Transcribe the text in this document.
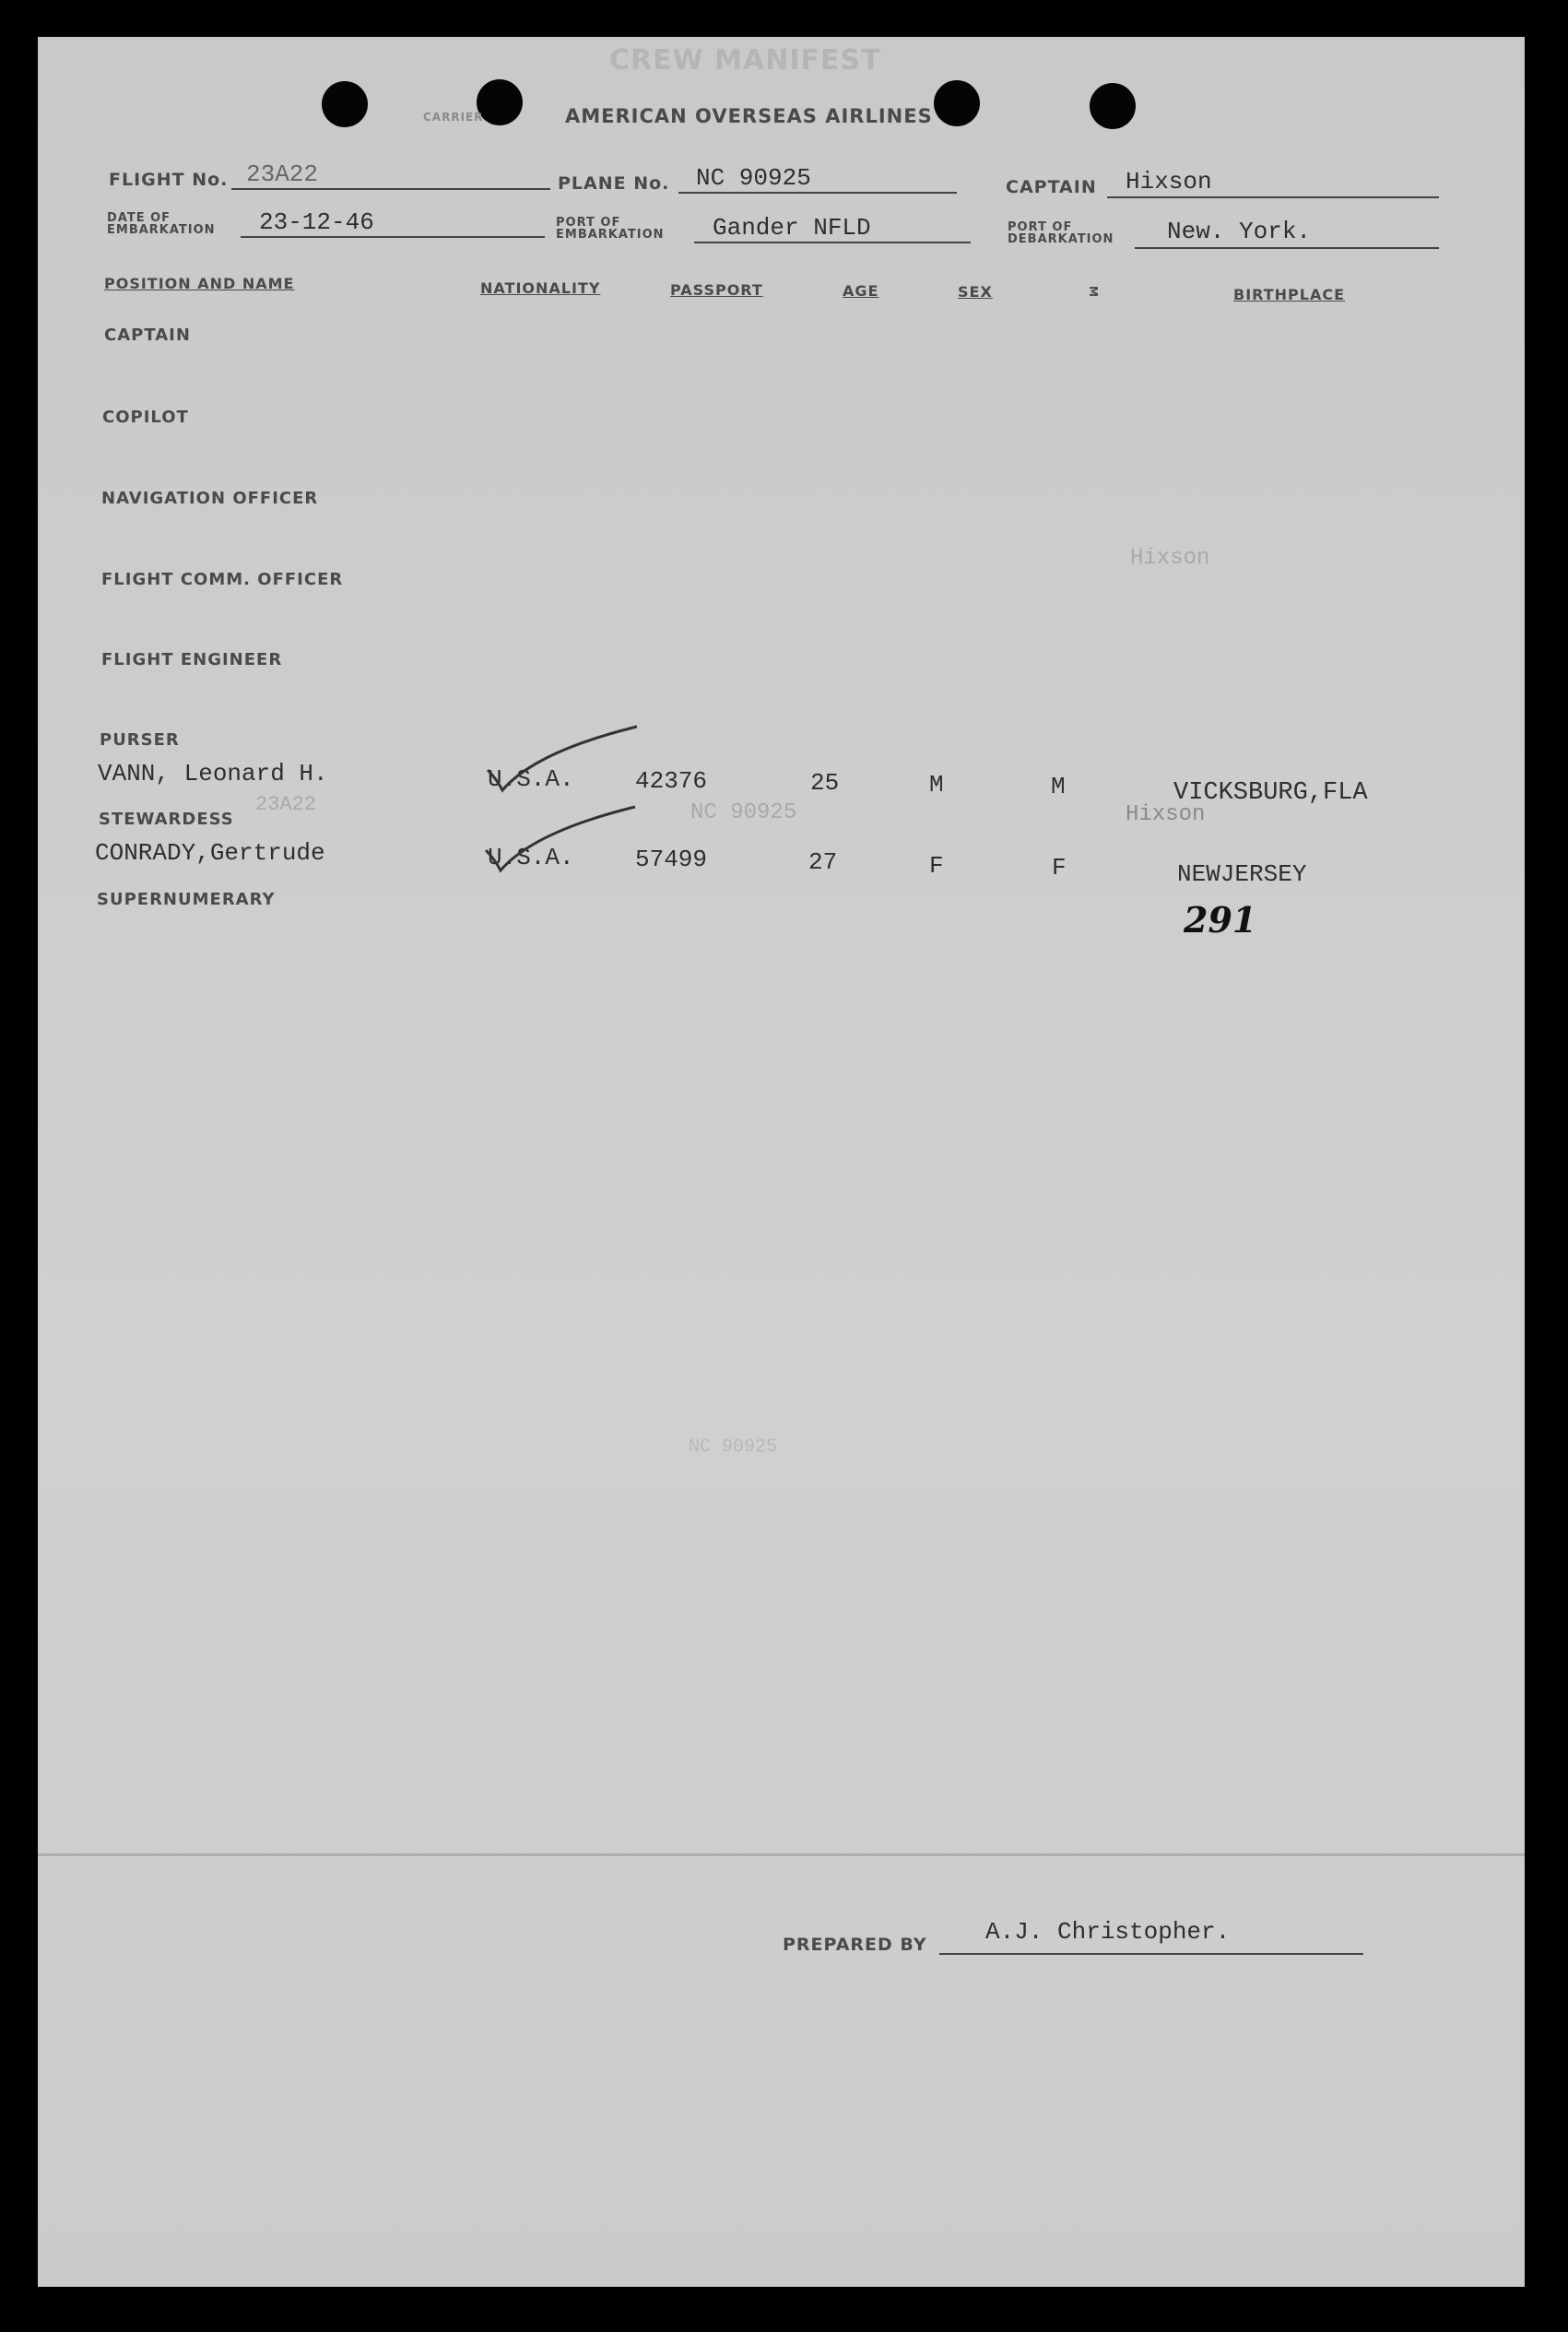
CREW MANIFEST
CARRIER	AMERICAN OVERSEAS AIRLINES
FLIGHT No. 23A22	PLANE No. NC 90925	CAPTAIN Hixson
DATE OF
EMBARKATION 23-12-46	PORT OF
EMBARKATION Gander NFLD	PORT OF
DEBARKATION New. York.
POSITION AND NAME	NATIONALITY	PASSPORT	AGE	SEX	M	BIRTHPLACE
CAPTAIN
COPILOT
NAVIGATION OFFICER
FLIGHT COMM. OFFICER
FLIGHT ENGINEER
PURSER
STEWARDESS
SUPERNUMERARY
Hixson
23A22	NC 90925	Hixson
NC 90925
VANN, Leonard H.	U.S.A.	42376	25	M	M	VICKSBURG,FLA
CONRADY,Gertrude	U.S.A.	57499	27	F	F	NEWJERSEY
291
PREPARED BY A.J. Christopher.
